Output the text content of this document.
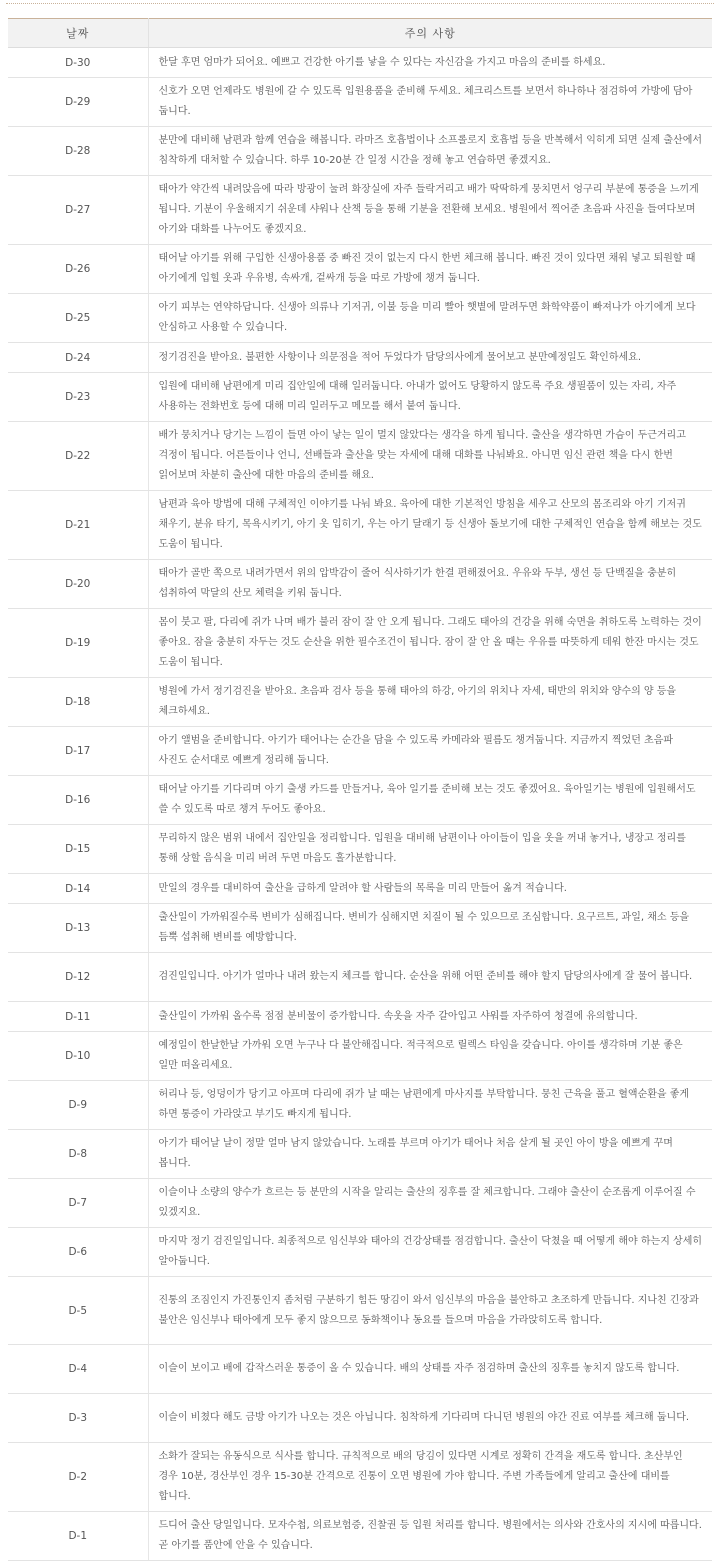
날짜	주의 사항
D-30	한달 후면 엄마가 되어요. 예쁘고 건강한 아기를 낳을 수 있다는 자신감을 가지고 마음의 준비를 하세요.
D-29	신호가 오면 언제라도 병원에 갈 수 있도록 입원용품을 준비해 두세요. 체크리스트를 보면서 하나하나 점검하여 가방에 담아 둡니다.
D-28	분만에 대비해 남편과 함께 연습을 해봅니다. 라마즈 호흡법이나 소프롤로지 호흡법 등을 반복해서 익히게 되면 실제 출산에서 침착하게 대처할 수 있습니다. 하루 10-20분 간 일정 시간을 정해 놓고 연습하면 좋겠지요.
D-27	태아가 약간씩 내려앉음에 따라 방광이 눌려 화장실에 자주 들락거리고 배가 딱딱하게 뭉치면서 엉구리 부분에 통증을 느끼게 됩니다. 기분이 우울해지기 쉬운데 샤워나 산책 등을 통해 기분을 전환해 보세요. 병원에서 찍어준 초음파 사진을 들여다보며 아기와 대화를 나누어도 좋겠지요.
D-26	태어날 아기를 위해 구입한 신생아용품 중 빠진 것이 없는지 다시 한번 체크해 봅니다. 빠진 것이 있다면 채워 넣고 퇴원할 때 아기에게 입힐 옷과 우유병, 속싸개, 겉싸개 등을 따로 가방에 챙겨 둡니다.
D-25	아기 피부는 연약하답니다. 신생아 의류나 기저귀, 이불 등을 미리 빨아 햇볕에 말려두면 화학약품이 빠져나가 아기에게 보다 안심하고 사용할 수 있습니다.
D-24	정기검진을 받아요. 불편한 사항이나 의문점을 적어 두었다가 담당의사에게 물어보고 분만예정일도 확인하세요.
D-23	입원에 대비해 남편에게 미리 집안일에 대해 일러둡니다. 아내가 없어도 당황하지 않도록 주요 생필품이 있는 자리, 자주 사용하는 전화번호 등에 대해 미리 일러두고 메모를 해서 붙여 둡니다.
D-22	배가 뭉치거나 당기는 느낌이 들면 아이 낳는 일이 멀지 않았다는 생각을 하게 됩니다. 출산을 생각하면 가슴이 두근거리고 걱정이 됩니다. 어른들이나 언니, 선배들과 출산을 맞는 자세에 대해 대화를 나눠봐요. 아니면 임신 관련 책을 다시 한번 읽어보며 차분히 출산에 대한 마음의 준비를 해요.
D-21	남편과 육아 방법에 대해 구체적인 이야기를 나눠 봐요. 육아에 대한 기본적인 방침을 세우고 산모의 몸조리와 아기 기저귀 채우기, 분유 타기, 목욕시키기, 아기 옷 입히기, 우는 아기 달래기 등 신생아 돌보기에 대한 구체적인 연습을 함께 해보는 것도 도움이 됩니다.
D-20	태아가 골반 쪽으로 내려가면서 위의 압박감이 줄어 식사하기가 한결 편해졌어요. 우유와 두부, 생선 등 단백질을 충분히 섭취하여 막달의 산모 체력을 키워 둡니다.
D-19	몸이 붓고 팔, 다리에 쥐가 나며 배가 불러 잠이 잘 안 오게 됩니다. 그래도 태아의 건강을 위해 숙면을 취하도록 노력하는 것이 좋아요. 잠을 충분히 자두는 것도 순산을 위한 필수조건이 됩니다. 잠이 잘 안 올 때는 우유를 따뜻하게 데워 한잔 마시는 것도 도움이 됩니다.
D-18	병원에 가서 정기검진을 받아요. 초음파 검사 등을 통해 태아의 하강, 아기의 위치나 자세, 태반의 위치와 양수의 양 등을 체크하세요.
D-17	아기 앨범을 준비합니다. 아기가 태어나는 순간을 담을 수 있도록 카메라와 필름도 챙겨둡니다. 지금까지 찍었던 초음파 사진도 순서대로 예쁘게 정리해 둡니다.
D-16	태어날 아기를 기다리며 아기 출생 카드를 만들거나, 육아 일기를 준비해 보는 것도 좋겠어요. 육아일기는 병원에 입원해서도 쓸 수 있도록 따로 챙겨 두어도 좋아요.
D-15	무리하지 않은 범위 내에서 집안일을 정리합니다. 입원을 대비해 남편이나 아이들이 입을 옷을 꺼내 놓거나, 냉장고 정리를 통해 상할 음식을 미리 버려 두면 마음도 홀가분합니다.
D-14	만일의 경우를 대비하여 출산을 급하게 알려야 할 사람들의 목록을 미리 만들어 옮겨 적습니다.
D-13	출산일이 가까워질수록 변비가 심해집니다. 변비가 심해지면 치질이 될 수 있으므로 조심합니다. 요구르트, 과일, 채소 등을 듬뿍 섭취해 변비를 예방합니다.
D-12	검진일입니다. 아기가 얼마나 내려 왔는지 체크를 합니다. 순산을 위해 어떤 준비를 해야 할지 담당의사에게 잘 물어 봅니다.
D-11	출산일이 가까워 올수록 점점 분비물이 증가합니다. 속옷을 자주 갈아입고 샤워를 자주하여 청결에 유의합니다.
D-10	예정일이 한날한날 가까워 오면 누구나 다 불안해집니다. 적극적으로 릴렉스 타임을 갖습니다. 아이를 생각하며 기분 좋은 일만 떠올리세요.
D-9	허리나 등, 엉덩이가 당기고 아프며 다리에 쥐가 날 때는 남편에게 마사지를 부탁합니다. 뭉친 근육을 풀고 혈액순환을 좋게 하면 통증이 가라앉고 부기도 빠지게 됩니다.
D-8	아기가 태어날 날이 정말 얼마 남지 않았습니다. 노래를 부르며 아기가 태어나 처음 살게 될 곳인 아이 방을 예쁘게 꾸며 봅니다.
D-7	이슬이나 소량의 양수가 흐르는 등 분만의 시작을 알리는 출산의 징후를 잘 체크합니다. 그래야 출산이 순조롭게 이루어질 수 있겠지요.
D-6	마지막 정기 검진일입니다. 최종적으로 임신부와 태아의 건강상태를 점검합니다. 출산이 닥쳤을 때 어떻게 해야 하는지 상세히 알아둡니다.
D-5	진통의 조짐인지 가진통인지 좀처럼 구분하기 힘든 땅김이 와서 임신부의 마음을 불안하고 초조하게 만듭니다. 지나친 긴장과 불안은 임신부나 태아에게 모두 좋지 않으므로 동화책이나 동요를 들으며 마음을 가라앉히도록 합니다.
D-4	이슬이 보이고 배에 갑작스러운 통증이 올 수 있습니다. 배의 상태를 자주 점검하며 출산의 징후를 놓치지 않도록 합니다.
D-3	이슬이 비쳤다 해도 금방 아기가 나오는 것은 아닙니다. 침착하게 기다리며 다니던 병원의 야간 진료 여부를 체크해 둡니다.
D-2	소화가 잘되는 유동식으로 식사를 합니다. 규칙적으로 배의 당김이 있다면 시계로 정확히 간격을 재도록 합니다. 초산부인 경우 10분, 경산부인 경우 15-30분 간격으로 진통이 오면 병원에 가야 합니다. 주변 가족들에게 알리고 출산에 대비를 합니다.
D-1	드디어 출산 당일입니다. 모자수첩, 의료보험증, 진찰권 등 입원 처리를 합니다. 병원에서는 의사와 간호사의 지시에 따릅니다. 곧 아기를 품안에 안을 수 있습니다.
